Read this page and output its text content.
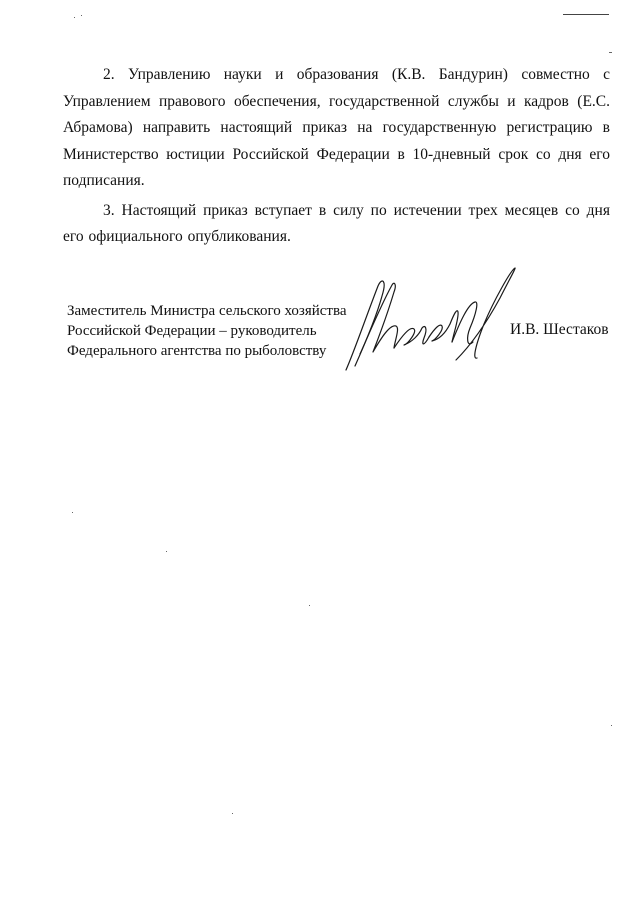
2. Управлению науки и образования (К.В. Бандурин) совместно с Управлением правового обеспечения, государственной службы и кадров (Е.С. Абрамова) направить настоящий приказ на государственную регистрацию в Министерство юстиции Российской Федерации в 10-дневный срок со дня его подписания.

3. Настоящий приказ вступает в силу по истечении трех месяцев со дня его официального опубликования.

Заместитель Министра сельского хозяйства
Российской Федерации – руководитель
Федерального агентства по рыболовству
И.В. Шестаков
